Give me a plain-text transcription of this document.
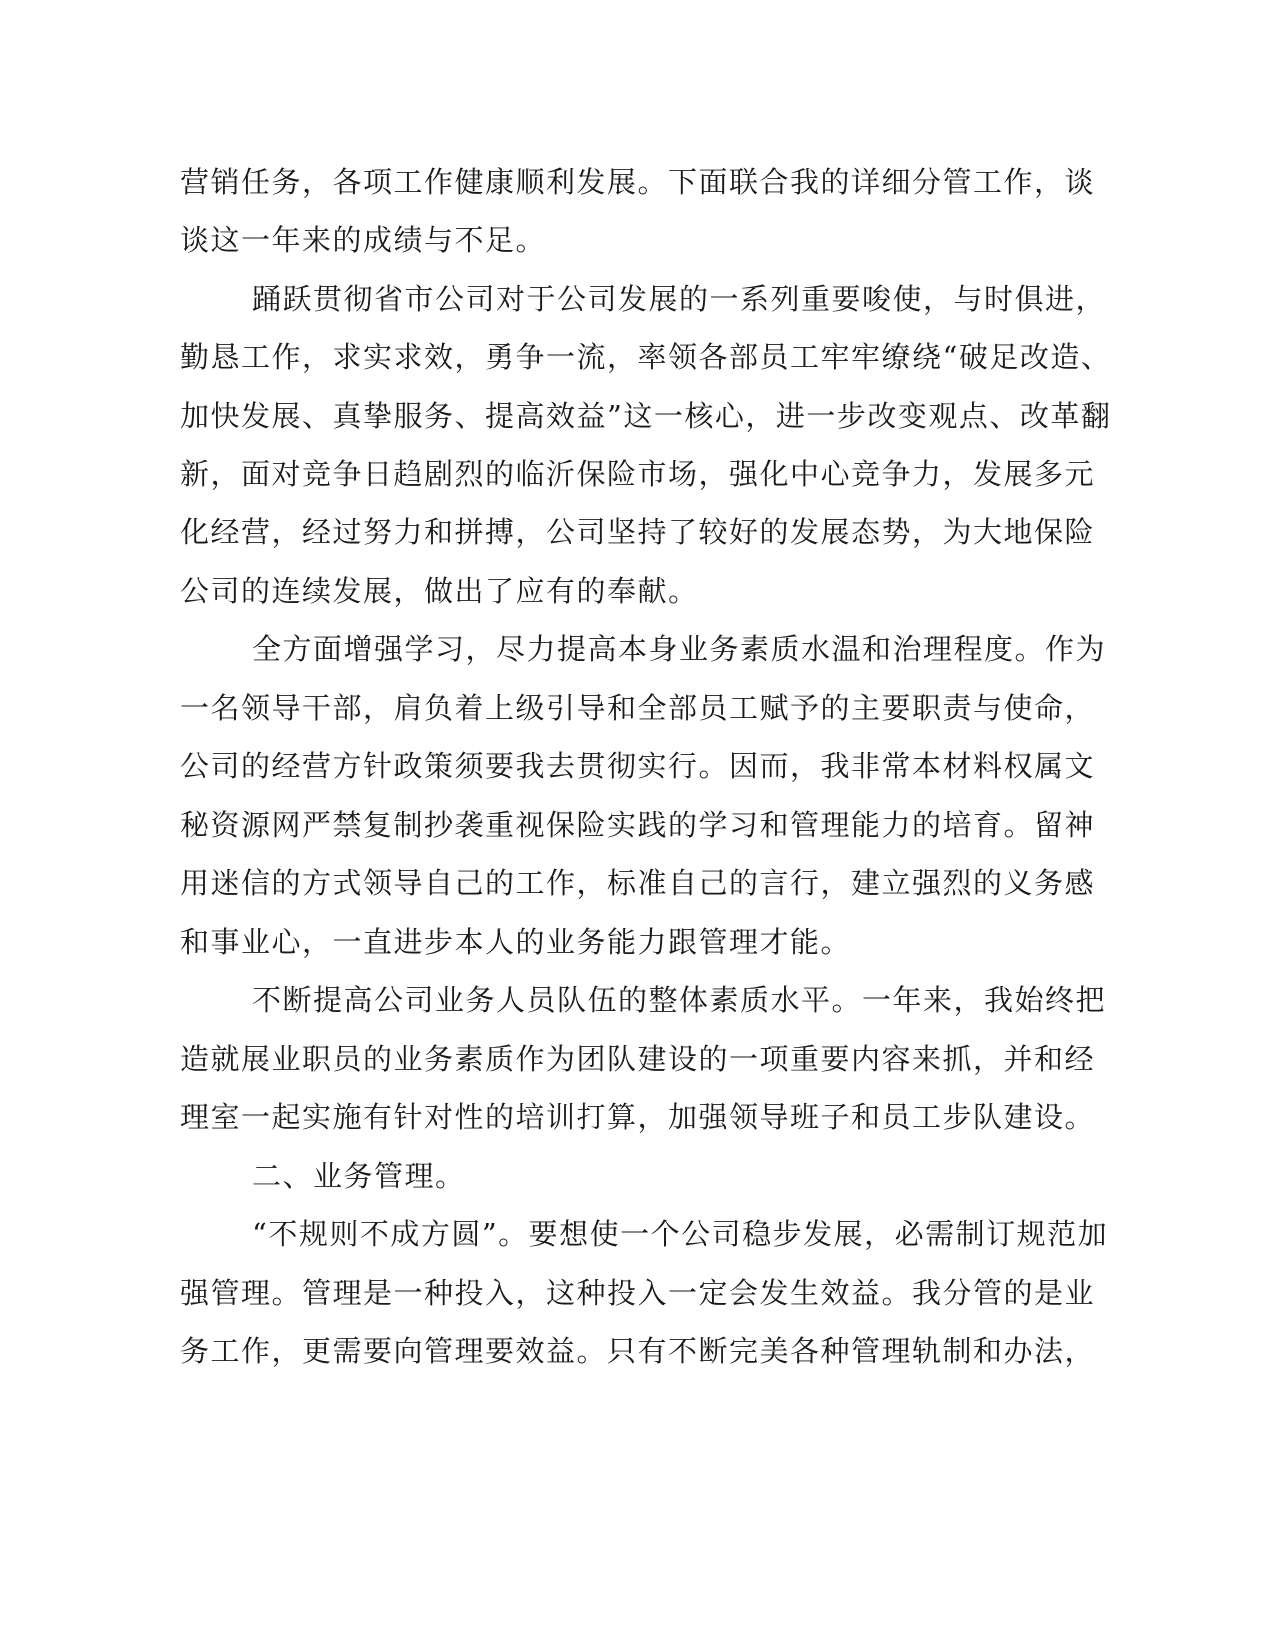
营销任务，各项工作健康顺利发展。下面联合我的详细分管工作，谈
谈这一年来的成绩与不足。
踊跃贯彻省市公司对于公司发展的一系列重要唆使，与时俱进，
勤恳工作，求实求效，勇争一流，率领各部员工牢牢缭绕“破足改造、
加快发展、真挚服务、提高效益”这一核心，进一步改变观点、改革翻
新，面对竞争日趋剧烈的临沂保险市场，强化中心竞争力，发展多元
化经营，经过努力和拼搏，公司坚持了较好的发展态势，为大地保险
公司的连续发展，做出了应有的奉献。
全方面增强学习，尽力提高本身业务素质水温和治理程度。作为
一名领导干部，肩负着上级引导和全部员工赋予的主要职责与使命，
公司的经营方针政策须要我去贯彻实行。因而，我非常本材料权属文
秘资源网严禁复制抄袭重视保险实践的学习和管理能力的培育。留神
用迷信的方式领导自己的工作，标准自己的言行，建立强烈的义务感
和事业心，一直进步本人的业务能力跟管理才能。
不断提高公司业务人员队伍的整体素质水平。一年来，我始终把
造就展业职员的业务素质作为团队建设的一项重要内容来抓，并和经
理室一起实施有针对性的培训打算，加强领导班子和员工步队建设。
二、业务管理。
“不规则不成方圆”。要想使一个公司稳步发展，必需制订规范加
强管理。管理是一种投入，这种投入一定会发生效益。我分管的是业
务工作，更需要向管理要效益。只有不断完美各种管理轨制和办法，
